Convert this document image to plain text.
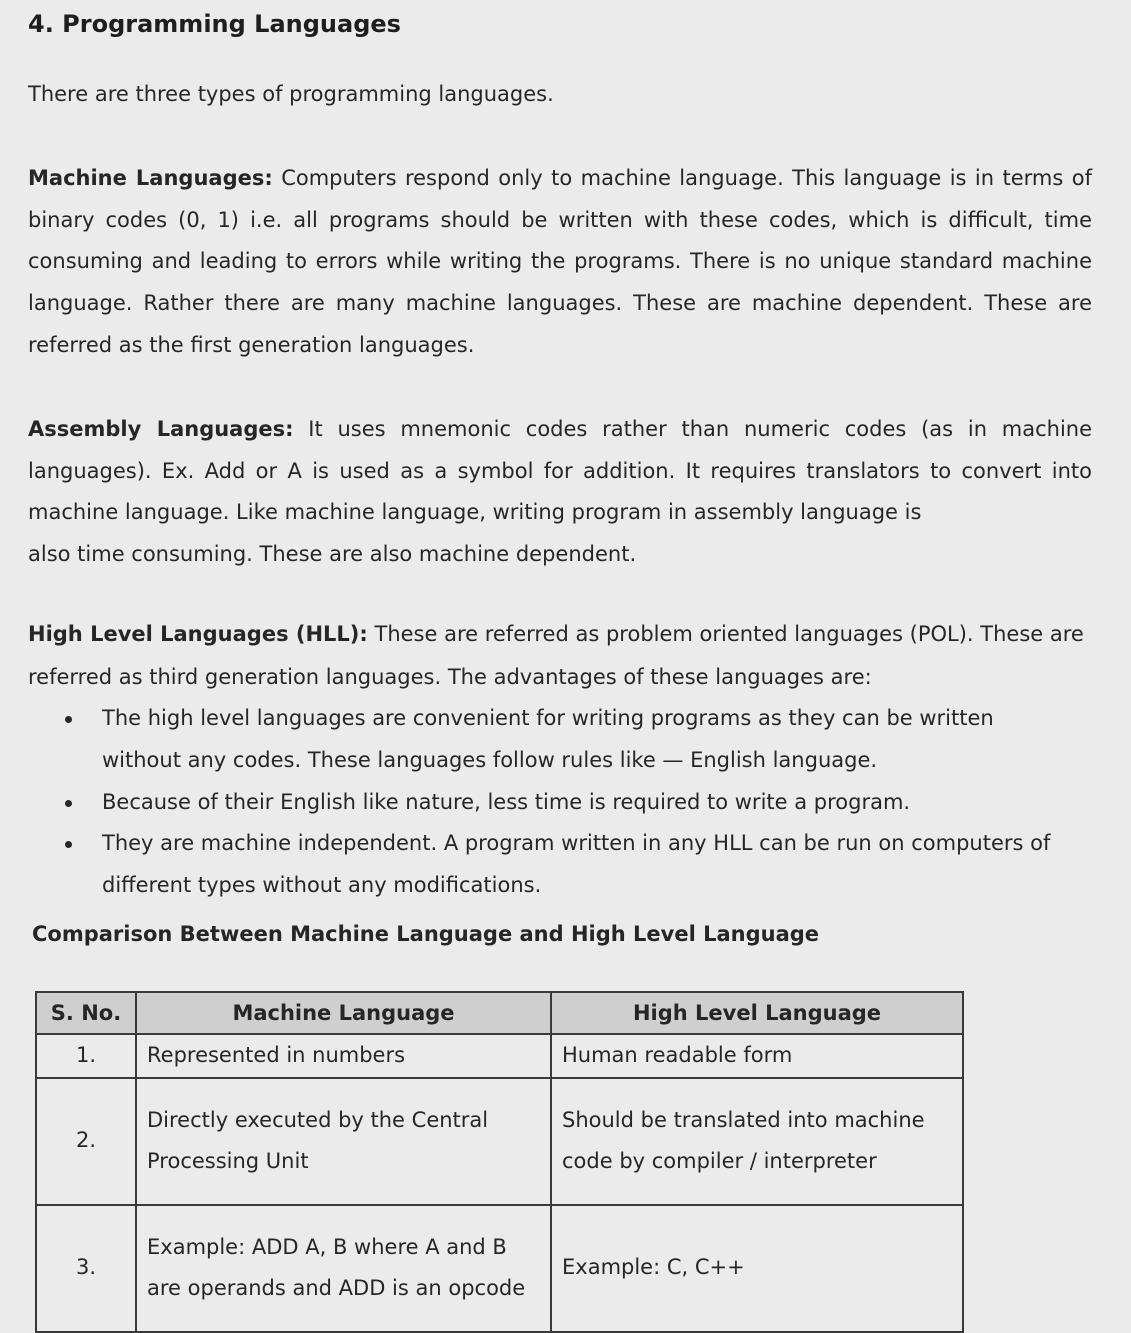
4. Programming Languages

There are three types of programming languages.

Machine Languages: Computers respond only to machine language. This language is in terms of binary codes (0, 1) i.e. all programs should be written with these codes, which is difficult, time consuming and leading to errors while writing the programs. There is no unique standard machine language. Rather there are many machine languages. These are machine dependent. These are referred as the first generation languages.

Assembly Languages: It uses mnemonic codes rather than numeric codes (as in machine languages). Ex. Add or A is used as a symbol for addition. It requires translators to convert into machine language. Like machine language, writing program in assembly language is
also time consuming. These are also machine dependent.

High Level Languages (HLL): These are referred as problem oriented languages (POL). These are referred as third generation languages. The advantages of these languages are:

The high level languages are convenient for writing programs as they can be written without any codes. These languages follow rules like — English language.
Because of their English like nature, less time is required to write a program.
They are machine independent. A program written in any HLL can be run on computers of different types without any modifications.
Comparison Between Machine Language and High Level Language
S. No.	Machine Language	High Level Language
1.	Represented in numbers	Human readable form
2.	Directly executed by the Central Processing Unit	Should be translated into machine code by compiler / interpreter
3.	Example: ADD A, B where A and B are operands and ADD is an opcode	Example: C, C++
